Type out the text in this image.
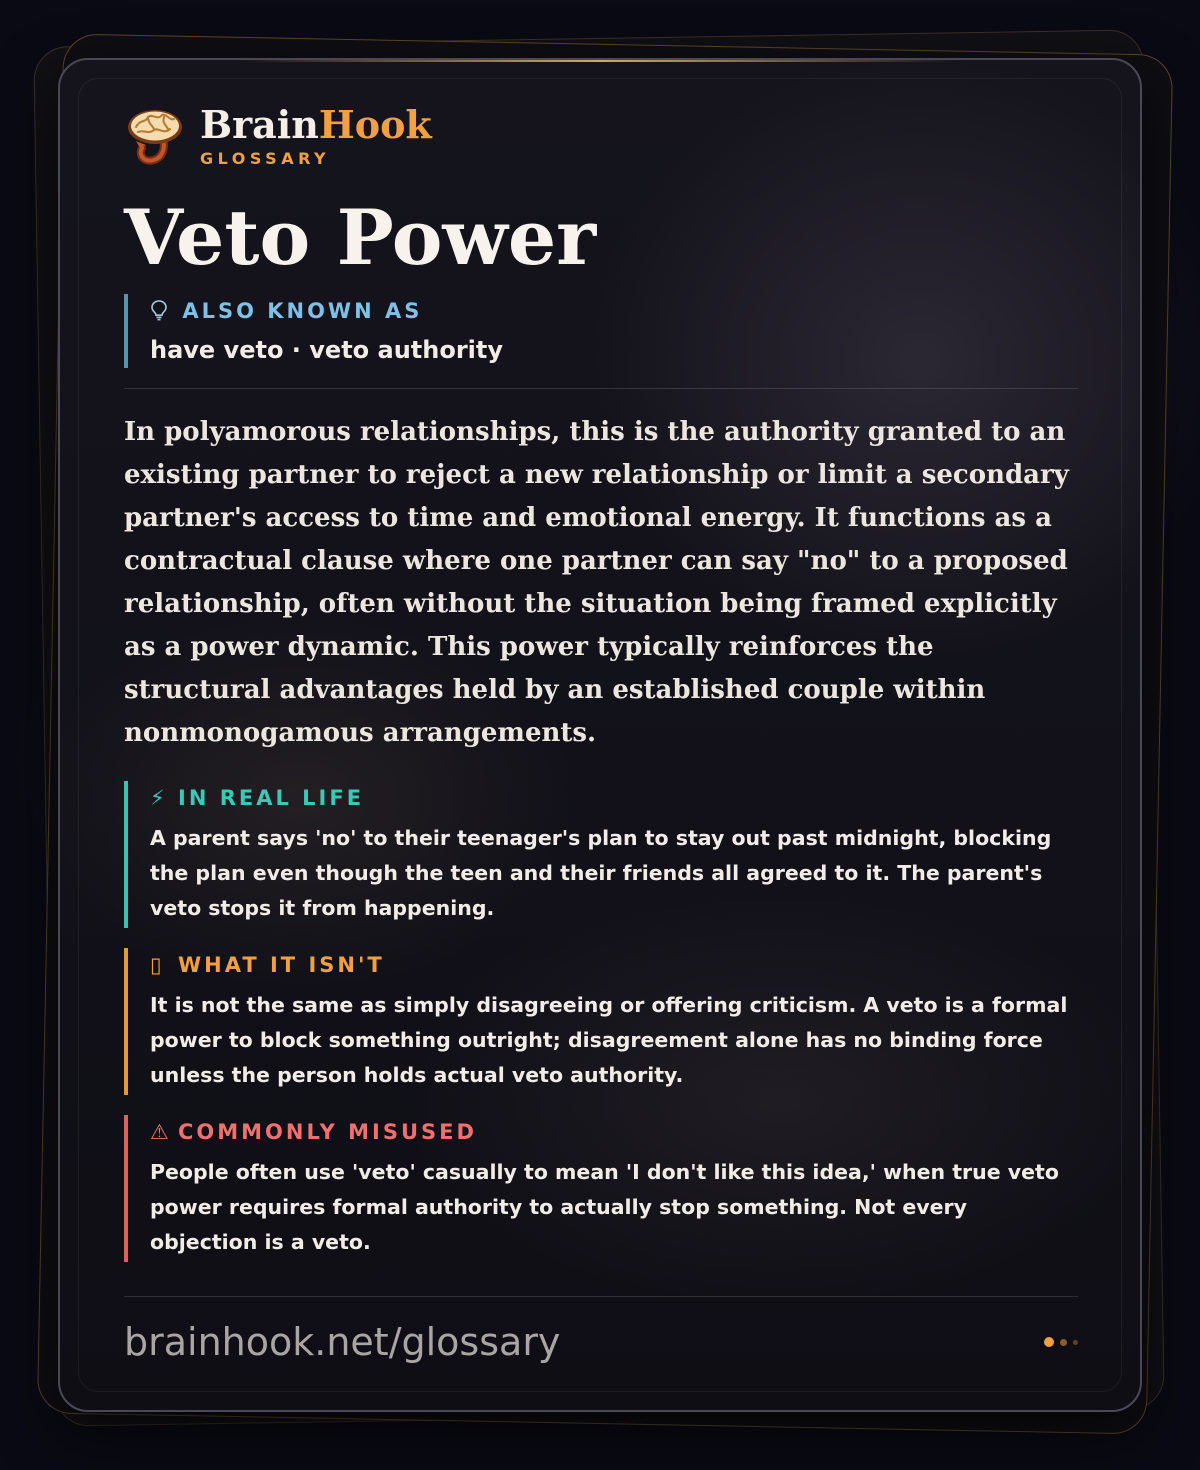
BrainHook
GLOSSARY
Veto Power
ALSO KNOWN AS
have veto · veto authority

In polyamorous relationships, this is the authority granted to an existing partner to reject a new relationship or limit a secondary partner's access to time and emotional energy. It functions as a contractual clause where one partner can say "no" to a proposed relationship, often without the situation being framed explicitly as a power dynamic. This power typically reinforces the structural advantages held by an established couple within nonmonogamous arrangements.

⚡ IN REAL LIFE
A parent says 'no' to their teenager's plan to stay out past midnight, blocking the plan even though the teen and their friends all agreed to it. The parent's veto stops it from happening.
▯ WHAT IT ISN'T
It is not the same as simply disagreeing or offering criticism. A veto is a formal power to block something outright; disagreement alone has no binding force unless the person holds actual veto authority.
⚠ COMMONLY MISUSED
People often use 'veto' casually to mean 'I don't like this idea,' when true veto power requires formal authority to actually stop something. Not every objection is a veto.
brainhook.net/glossary
